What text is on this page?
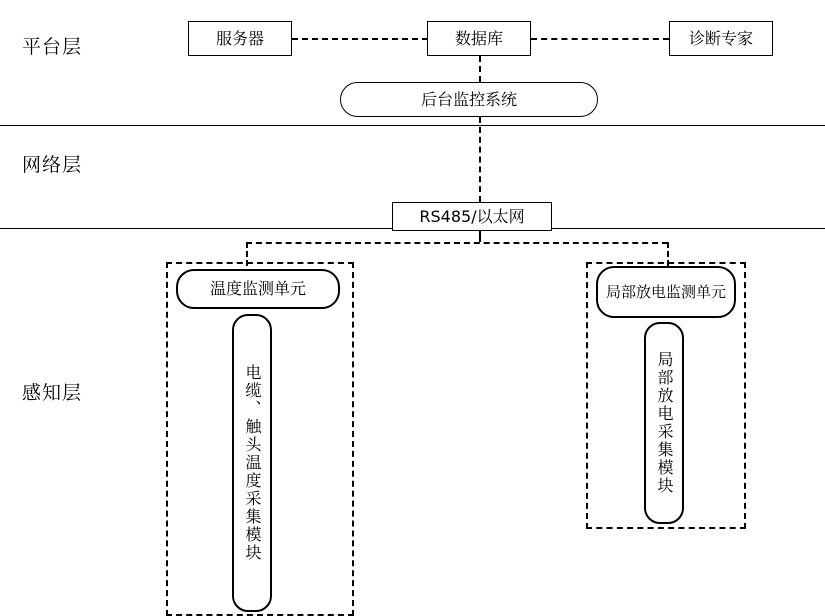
平台层
网络层
感知层
服务器	数据库	诊断专家
后台监控系统
RS485/以太网
温度监测单元
电缆、触头温度采集模块
局部放电 监测单元
局部放电采集模块
